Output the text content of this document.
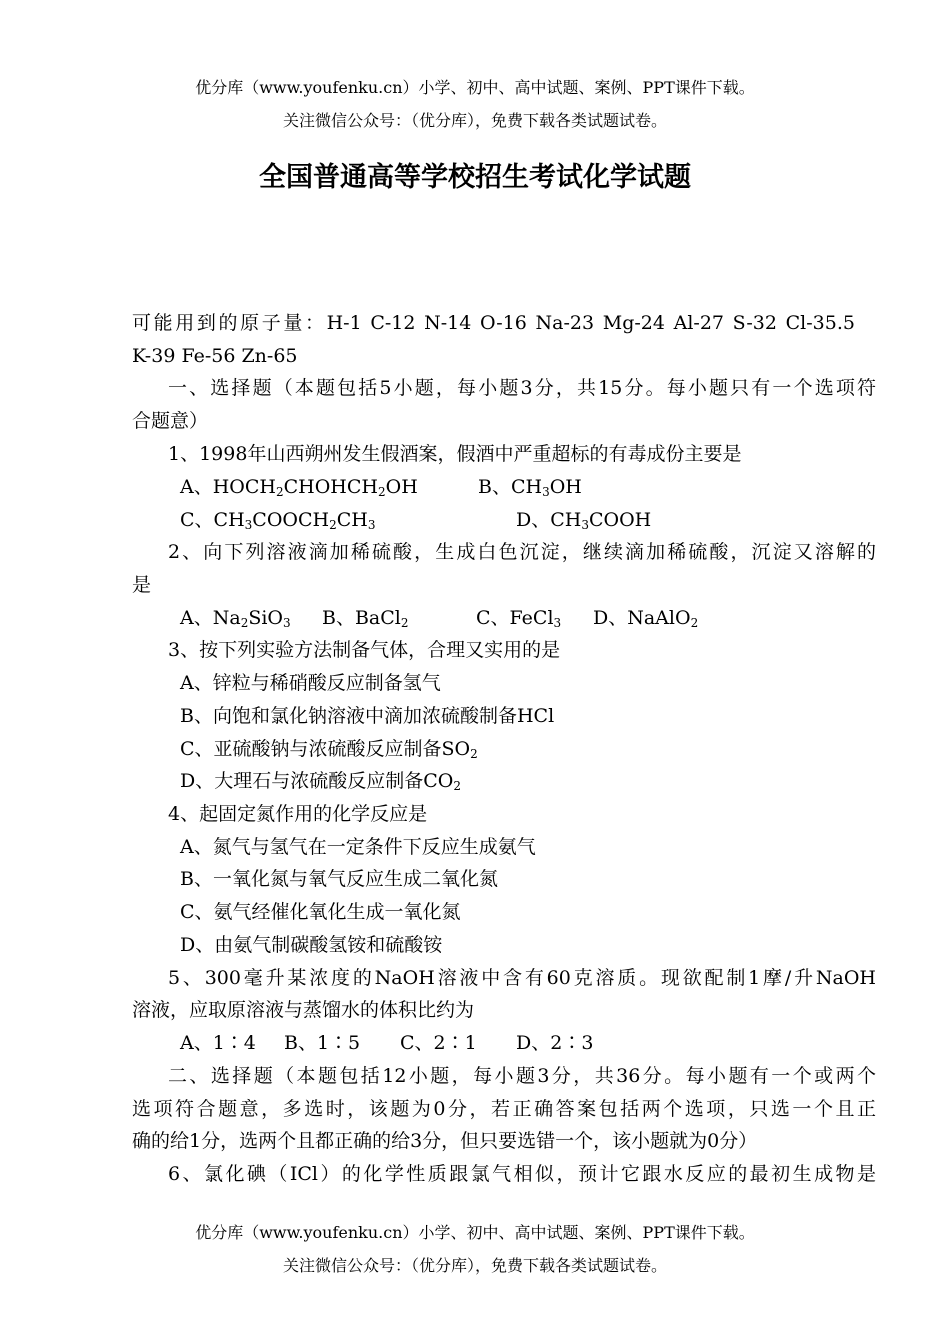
优分库（www.youfenku.cn）小学、初中、高中试题、案例、PPT课件下载。
关注微信公众号：（优分库），免费下载各类试题试卷。
全国普通高等学校招生考试化学试题
可能用到的原子量：H-1 C-12 N-14 O-16 Na-23 Mg-24 Al-27 S-32 Cl-35.5
K-39 Fe-56 Zn-65
一、选择题（本题包括5小题，每小题3分，共15分。每小题只有一个选项符
合题意）
1、1998年山西朔州发生假酒案，假酒中严重超标的有毒成份主要是
A、$HOCH_2CHOHCH_2OH$	B、$CH_3OH$
C、$CH_3COOCH_2CH_3$	D、$CH_3COOH$
2、向下列溶液滴加稀硫酸，生成白色沉淀，继续滴加稀硫酸，沉淀又溶解的
是
A、$Na_2SiO_3$ B、BaCl$_2$	C、FeCl$_3$ D、NaAlO$_2$
3、按下列实验方法制备气体，合理又实用的是
A、锌粒与稀硝酸反应制备氢气
B、向饱和氯化钠溶液中滴加浓硫酸制备HCl
C、亚硫酸钠与浓硫酸反应制备$SO_2$
D、大理石与浓硫酸反应制备$CO_2$
4、起固定氮作用的化学反应是
A、氮气与氢气在一定条件下反应生成氨气
B、一氧化氮与氧气反应生成二氧化氮
C、氨气经催化氧化生成一氧化氮
D、由氨气制碳酸氢铵和硫酸铵
5、300毫升某浓度的NaOH溶液中含有60克溶质。现欲配制1摩/升NaOH
溶液，应取原溶液与蒸馏水的体积比约为
A、1∶4 B、1∶5 C、2∶1 D、2∶3
二、选择题（本题包括12小题，每小题3分，共36分。每小题有一个或两个
选项符合题意，多选时，该题为0分，若正确答案包括两个选项，只选一个且正
确的给1分，选两个且都正确的给3分，但只要选错一个，该小题就为0分）
6、氯化碘（ICl）的化学性质跟氯气相似，预计它跟水反应的最初生成物是
优分库（www.youfenku.cn）小学、初中、高中试题、案例、PPT课件下载。
关注微信公众号：（优分库），免费下载各类试题试卷。
